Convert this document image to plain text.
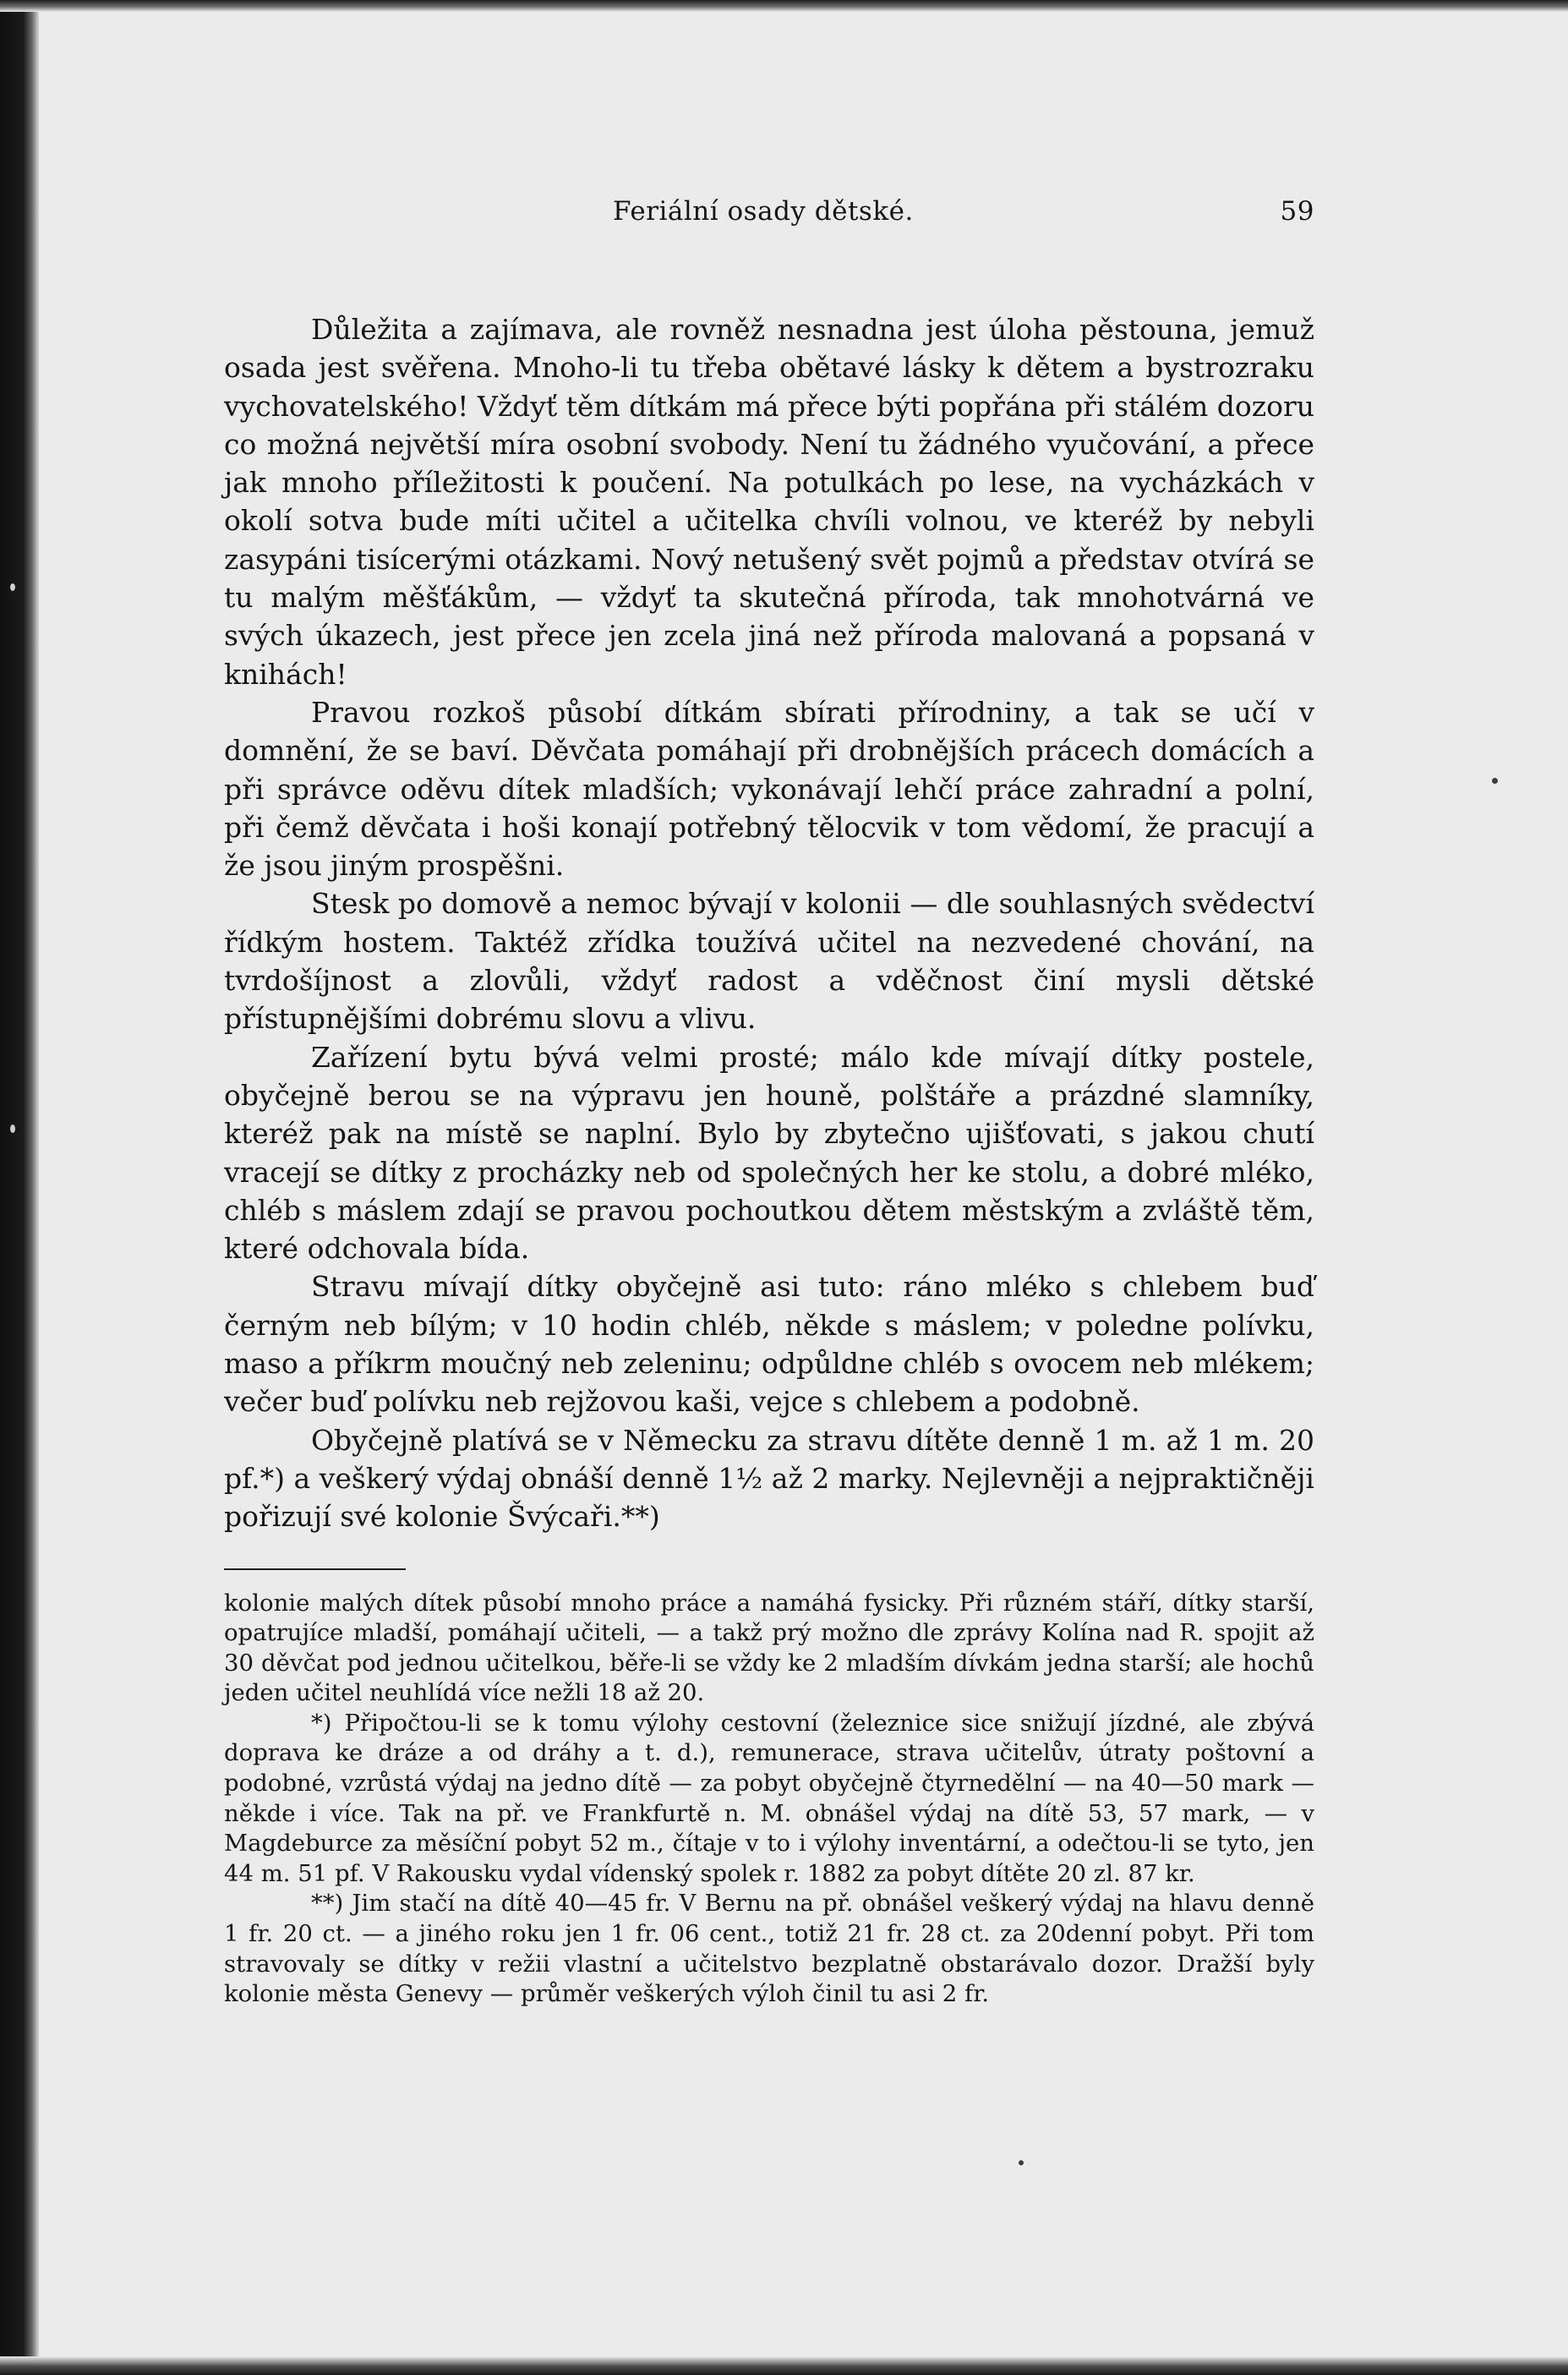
Feriální osady dětské.	59

Důležita a zajímava, ale rovněž nesnadna jest úloha pěstouna, jemuž osada jest svěřena. Mnoho-li tu třeba obětavé lásky k dětem a bystrozraku vychovatelského! Vždyť těm dítkám má přece býti popřána při stálém dozoru co možná největší míra osobní svobody. Není tu žádného vyučování, a přece jak mnoho příležitosti k poučení. Na potulkách po lese, na vycházkách v okolí sotva bude míti učitel a učitelka chvíli volnou, ve kteréž by nebyli zasypáni tisícerými otázkami. Nový netušený svět pojmů a představ otvírá se tu malým měšťákům, — vždyť ta skutečná příroda, tak mnohotvárná ve svých úkazech, jest přece jen zcela jiná než příroda malovaná a popsaná v knihách!

Pravou rozkoš působí dítkám sbírati přírodniny, a tak se učí v domnění, že se baví. Děvčata pomáhají při drobnějších prácech domácích a při správce oděvu dítek mladších; vykonávají lehčí práce zahradní a polní, při čemž děvčata i hoši konají potřebný tělocvik v tom vědomí, že pracují a že jsou jiným prospěšni.

Stesk po domově a nemoc bývají v kolonii — dle souhlasných svědectví řídkým hostem. Taktéž zřídka toužívá učitel na nezvedené chování, na tvrdošíjnost a zlovůli, vždyť radost a vděčnost činí mysli dětské přístupnějšími dobrému slovu a vlivu.

Zařízení bytu bývá velmi prosté; málo kde mívají dítky postele, obyčejně berou se na výpravu jen houně, polštáře a prázdné slamníky, kteréž pak na místě se naplní. Bylo by zbytečno ujišťovati, s jakou chutí vracejí se dítky z procházky neb od společných her ke stolu, a dobré mléko, chléb s máslem zdají se pravou pochoutkou dětem městským a zvláště těm, které odchovala bída.

Stravu mívají dítky obyčejně asi tuto: ráno mléko s chlebem buď černým neb bílým; v 10 hodin chléb, někde s máslem; v poledne polívku, maso a příkrm moučný neb zeleninu; odpůldne chléb s ovocem neb mlékem; večer buď polívku neb rejžovou kaši, vejce s chlebem a podobně.

Obyčejně platívá se v Německu za stravu dítěte denně 1 m. až 1 m. 20 pf.*) a veškerý výdaj obnáší denně 1½ až 2 marky. Nejlevněji a nejpraktičněji pořizují své kolonie Švýcaři.**)

kolonie malých dítek působí mnoho práce a namáhá fysicky. Při různém stáří, dítky starší, opatrujíce mladší, pomáhají učiteli, — a takž prý možno dle zprávy Kolína nad R. spojit až 30 děvčat pod jednou učitelkou, běře-li se vždy ke 2 mladším dívkám jedna starší; ale hochů jeden učitel neuhlídá více nežli 18 až 20.

*) Připočtou-li se k tomu výlohy cestovní (železnice sice snižují jízdné, ale zbývá doprava ke dráze a od dráhy a t. d.), remunerace, strava učitelův, útraty poštovní a podobné, vzrůstá výdaj na jedno dítě — za pobyt obyčejně čtyrnedělní — na 40—50 mark — někde i více. Tak na př. ve Frankfurtě n. M. obnášel výdaj na dítě 53, 57 mark, — v Magdeburce za měsíční pobyt 52 m., čítaje v to i výlohy inventární, a odečtou-li se tyto, jen 44 m. 51 pf. V Rakousku vydal vídenský spolek r. 1882 za pobyt dítěte 20 zl. 87 kr.

**) Jim stačí na dítě 40—45 fr. V Bernu na př. obnášel veškerý výdaj na hlavu denně 1 fr. 20 ct. — a jiného roku jen 1 fr. 06 cent., totiž 21 fr. 28 ct. za 20denní pobyt. Při tom stravovaly se dítky v režii vlastní a učitelstvo bezplatně obstarávalo dozor. Dražší byly kolonie města Genevy — průměr veškerých výloh činil tu asi 2 fr.
